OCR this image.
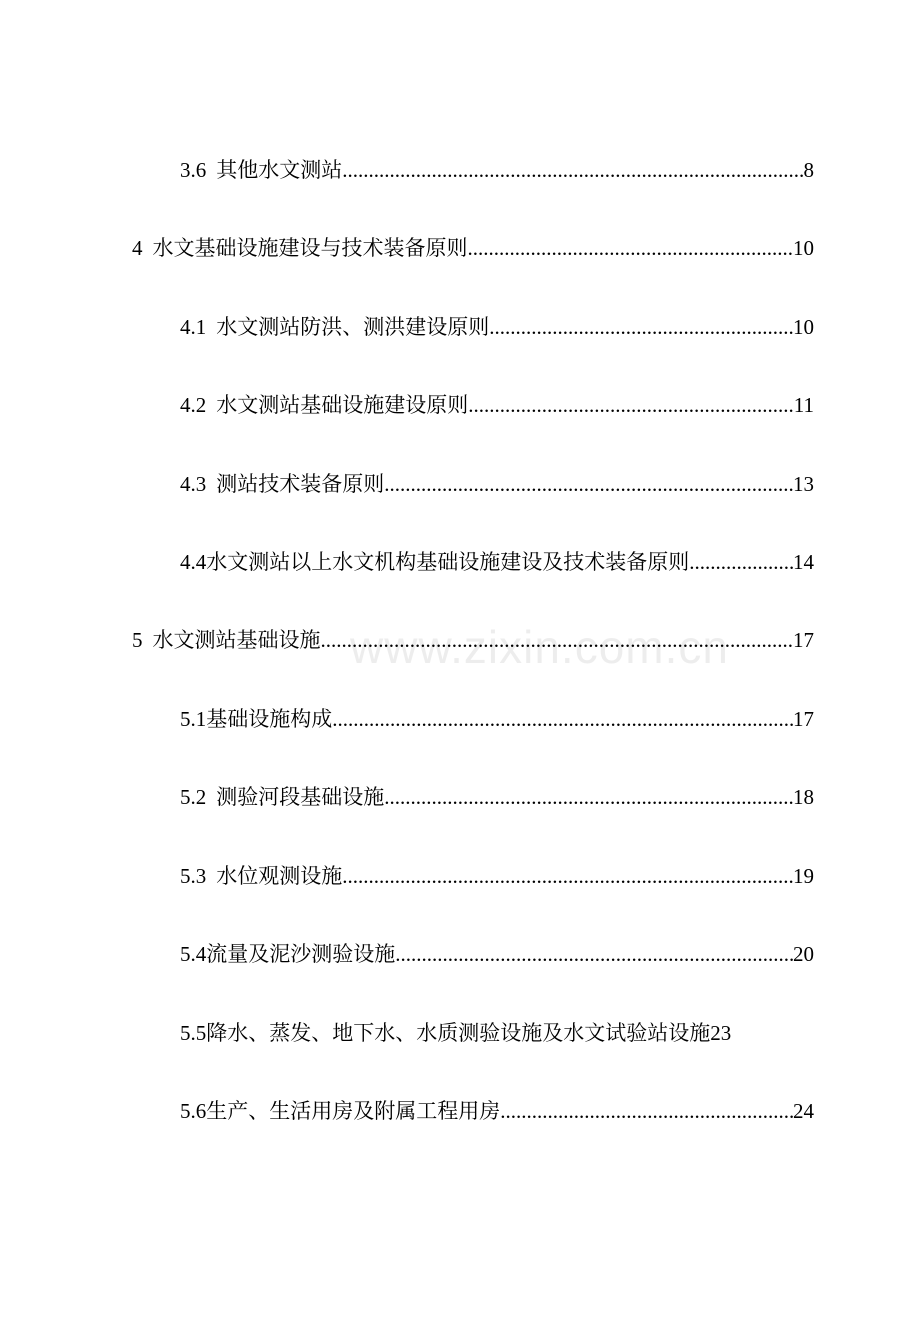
3.6 其他水文测站 .....	8
4 水文基础设施建设与技术装备原则 .....	10
4.1 水文测站防洪、测洪建设原则 .....	10
4.2 水文测站基础设施建设原则 .....	11
4.3 测站技术装备原则 .....	13
4.4 水文测站以上水文机构基础设施建设及技术装备原则 .....	14
5 水文测站基础设施 .....	17
5.1 基础设施构成 .....	17
5.2 测验河段基础设施 .....	18
5.3 水位观测设施 .....	19
5.4 流量及泥沙测验设施 .....	20
5.5 降水、蒸发、地下水、水质测验设施及水文试验站设施 23
5.6 生产、生活用房及附属工程用房 .....	24
www.zixin.com.cn
